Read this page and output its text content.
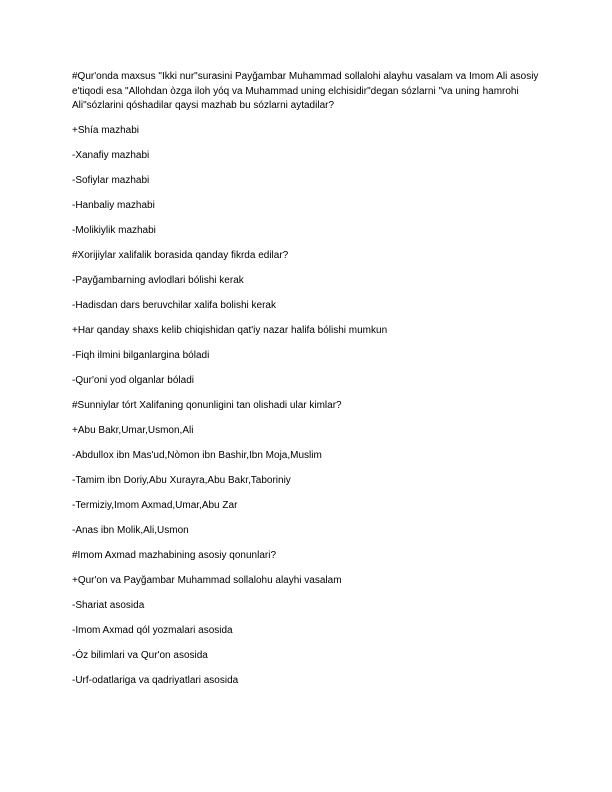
#Qur'onda maxsus "Ikki nur"surasini Payğambar Muhammad sollalohi alayhu vasalam va Imom Ali asosiy e'tiqodi esa "Allohdan òzga iloh yóq va Muhammad uning elchisidir"degan sózlarni "va uning hamrohi Ali"sózlarini qóshadilar qaysi mazhab bu sózlarni aytadilar?

+Shía mazhabi

-Xanafiy mazhabi

-Sofiylar mazhabi

-Hanbaliy mazhabi

-Molikiylik mazhabi

#Xorijiylar xalifalik borasida qanday fikrda edilar?

-Payğambarning avlodlari bólishi kerak

-Hadisdan dars beruvchilar xalifa bolishi kerak

+Har qanday shaxs kelib chiqishidan qat'iy nazar halifa bólishi mumkun

-Fiqh ilmini bilganlargina bóladi

-Qur'oni yod olganlar bóladi

#Sunniylar tórt Xalifaning qonunligini tan olishadi ular kimlar?

+Abu Bakr,Umar,Usmon,Ali

-Abdullox ibn Mas'ud,Nòmon ibn Bashir,Ibn Moja,Muslim

-Tamim ibn Doriy,Abu Xurayra,Abu Bakr,Taboriniy

-Termiziy,Imom Axmad,Umar,Abu Zar

-Anas ibn Molik,Ali,Usmon

#Imom Axmad mazhabining asosiy qonunlari?

+Qur'on va Payğambar Muhammad sollalohu alayhi vasalam

-Shariat asosida

-Imom Axmad qól yozmalari asosida

-Óz bilimlari va Qur'on asosida

-Urf-odatlariga va qadriyatlari asosida
